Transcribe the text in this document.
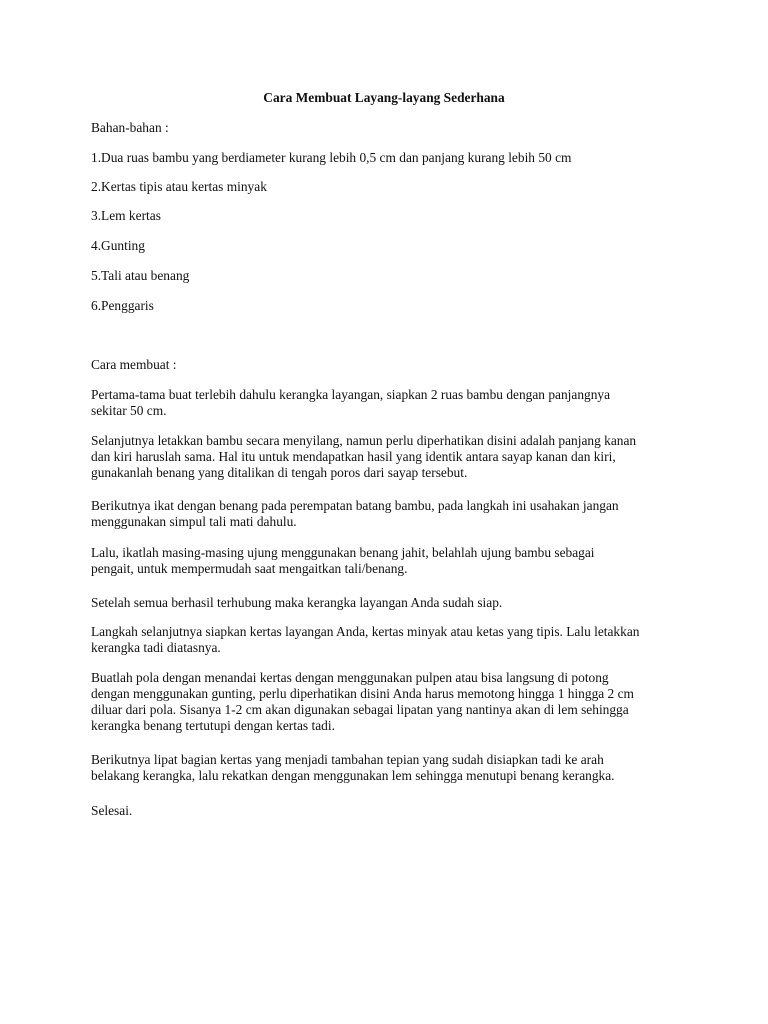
Cara Membuat Layang-layang Sederhana

Bahan-bahan :

1.Dua ruas bambu yang berdiameter kurang lebih 0,5 cm dan panjang kurang lebih 50 cm

2.Kertas tipis atau kertas minyak

3.Lem kertas

4.Gunting

5.Tali atau benang

6.Penggaris

Cara membuat :

Pertama-tama buat terlebih dahulu kerangka layangan, siapkan 2 ruas bambu dengan panjangnya
sekitar 50 cm.
Selanjutnya letakkan bambu secara menyilang, namun perlu diperhatikan disini adalah panjang kanan
dan kiri haruslah sama. Hal itu untuk mendapatkan hasil yang identik antara sayap kanan dan kiri,
gunakanlah benang yang ditalikan di tengah poros dari sayap tersebut.
Berikutnya ikat dengan benang pada perempatan batang bambu, pada langkah ini usahakan jangan
menggunakan simpul tali mati dahulu.
Lalu, ikatlah masing-masing ujung menggunakan benang jahit, belahlah ujung bambu sebagai
pengait, untuk mempermudah saat mengaitkan tali/benang.
Setelah semua berhasil terhubung maka kerangka layangan Anda sudah siap.
Langkah selanjutnya siapkan kertas layangan Anda, kertas minyak atau ketas yang tipis. Lalu letakkan
kerangka tadi diatasnya.
Buatlah pola dengan menandai kertas dengan menggunakan pulpen atau bisa langsung di potong
dengan menggunakan gunting, perlu diperhatikan disini Anda harus memotong hingga 1 hingga 2 cm
diluar dari pola. Sisanya 1-2 cm akan digunakan sebagai lipatan yang nantinya akan di lem sehingga
kerangka benang tertutupi dengan kertas tadi.
Berikutnya lipat bagian kertas yang menjadi tambahan tepian yang sudah disiapkan tadi ke arah
belakang kerangka, lalu rekatkan dengan menggunakan lem sehingga menutupi benang kerangka.

Selesai.
